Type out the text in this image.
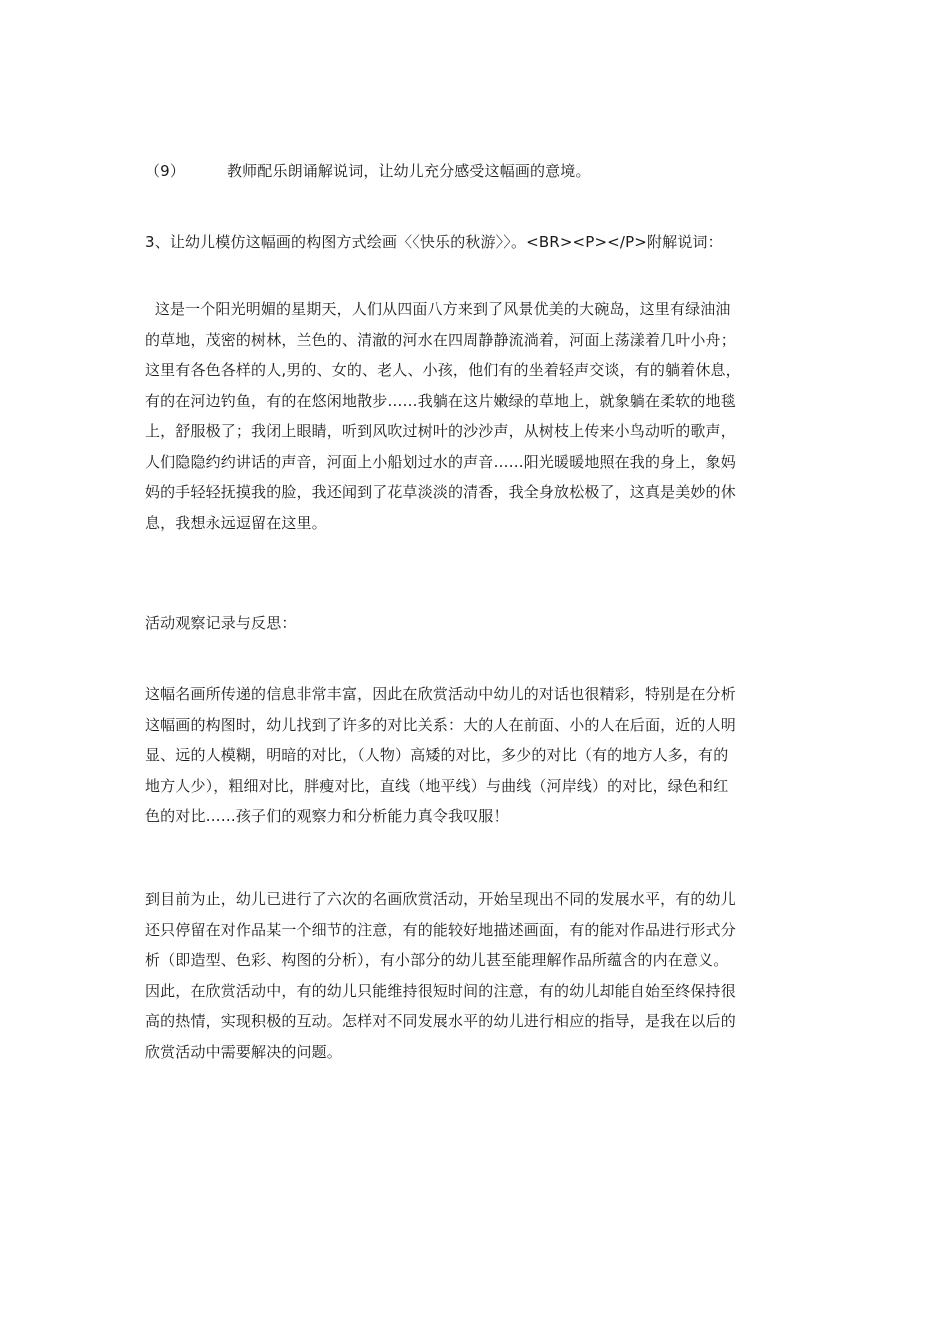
（9）	教师配乐朗诵解说词，让幼儿充分感受这幅画的意境。
3、让幼儿模仿这幅画的构图方式绘画〈〈快乐的秋游〉〉。<BR><P></P>附解说词：
这是一个阳光明媚的星期天，人们从四面八方来到了风景优美的大碗岛，这里有绿油油
的草地，茂密的树林，兰色的、清澈的河水在四周静静流淌着，河面上荡漾着几叶小舟；
这里有各色各样的人,男的、女的、老人、小孩，他们有的坐着轻声交谈，有的躺着休息，
有的在河边钓鱼，有的在悠闲地散步……我躺在这片嫩绿的草地上，就象躺在柔软的地毯
上，舒服极了；我闭上眼睛，听到风吹过树叶的沙沙声，从树枝上传来小鸟动听的歌声，
人们隐隐约约讲话的声音，河面上小船划过水的声音……阳光暖暖地照在我的身上，象妈
妈的手轻轻抚摸我的脸，我还闻到了花草淡淡的清香，我全身放松极了，这真是美妙的休
息，我想永远逗留在这里。
活动观察记录与反思：
这幅名画所传递的信息非常丰富，因此在欣赏活动中幼儿的对话也很精彩，特别是在分析
这幅画的构图时，幼儿找到了许多的对比关系：大的人在前面、小的人在后面，近的人明
显、远的人模糊，明暗的对比，（人物）高矮的对比，多少的对比（有的地方人多，有的
地方人少），粗细对比，胖瘦对比，直线（地平线）与曲线（河岸线）的对比，绿色和红
色的对比……孩子们的观察力和分析能力真令我叹服！
到目前为止，幼儿已进行了六次的名画欣赏活动，开始呈现出不同的发展水平，有的幼儿
还只停留在对作品某一个细节的注意，有的能较好地描述画面，有的能对作品进行形式分
析（即造型、色彩、构图的分析），有小部分的幼儿甚至能理解作品所蕴含的内在意义。
因此，在欣赏活动中，有的幼儿只能维持很短时间的注意，有的幼儿却能自始至终保持很
高的热情，实现积极的互动。怎样对不同发展水平的幼儿进行相应的指导，是我在以后的
欣赏活动中需要解决的问题。
